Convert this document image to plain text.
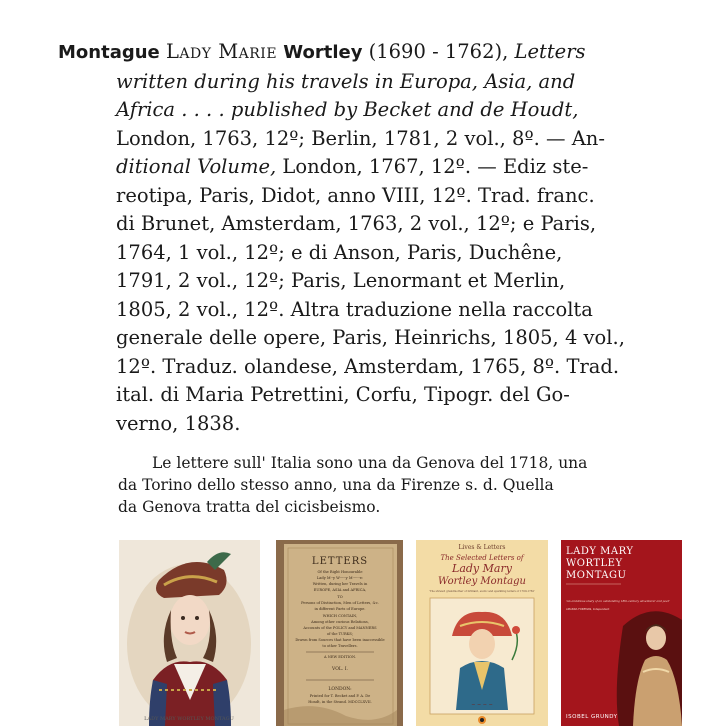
Montague Lady Marie Wortley (1690 - 1762), Letters
written during his travels in Europa, Asia, and
Africa . . . . published by Becket and de Houdt,
London, 1763, 12º; Berlin, 1781, 2 vol., 8º. — An-
ditional Volume, London, 1767, 12º. — Ediz ste-
reotipa, Paris, Didot, anno VIII, 12º. Trad. franc.
di Brunet, Amsterdam, 1763, 2 vol., 12º; e Paris,
1764, 1 vol., 12º; e di Anson, Paris, Duchêne,
1791, 2 vol., 12º; Paris, Lenormant et Merlin,
1805, 2 vol., 12º. Altra traduzione nella raccolta
generale delle opere, Paris, Heinrichs, 1805, 4 vol.,
12º. Traduz. olandese, Amsterdam, 1765, 8º. Trad.
ital. di Maria Petrettini, Corfu, Tipogr. del Go-
verno, 1838.
Le lettere sull' Italia sono una da Genova del 1718, una
da Torino dello stesso anno, una da Firenze s. d. Quella
da Genova tratta del cicisbeismo.
LADY MARY WORTLEY MONTAGU
LETTERS
Of the Right Honourable
Lady M--y W-----y M------e:
Written, during her Travels in
EUROPE, ASIA and AFRICA,
TO
Persons of Distinction, Men of Letters, &c.
in different Parts of Europe.
WHICH CONTAIN,
Among other curious Relations,
Accounts of the POLICY and MANNERS
of the TURKS;
Drawn from Sources that have been inaccessible
to other Travellers.
A NEW EDITION.
VOL. I.
LONDON:
Printed for T. Becket and P. A. De
Hondt, in the Strand. MDCCLXVII.
Lives & Letters
The Selected Letters of
Lady Mary
Wortley Montagu
'The shrewd grandmother of brilliant, exotic and sparkling letters of 1709-1762'
~ ~ ~ ~
LADY MARY
WORTLEY
MONTAGU
'An ambitious study of an outstanding 18th-century adventurer and poet'
AMANDA FOREMAN, Independent
ISOBEL GRUNDY
